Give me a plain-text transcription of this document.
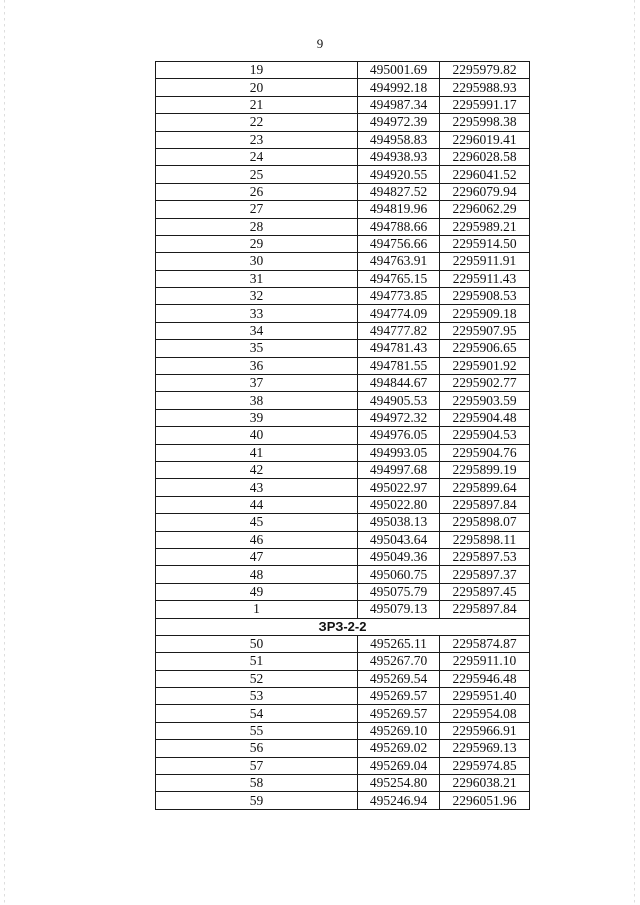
9
19	495001.69	2295979.82
20	494992.18	2295988.93
21	494987.34	2295991.17
22	494972.39	2295998.38
23	494958.83	2296019.41
24	494938.93	2296028.58
25	494920.55	2296041.52
26	494827.52	2296079.94
27	494819.96	2296062.29
28	494788.66	2295989.21
29	494756.66	2295914.50
30	494763.91	2295911.91
31	494765.15	2295911.43
32	494773.85	2295908.53
33	494774.09	2295909.18
34	494777.82	2295907.95
35	494781.43	2295906.65
36	494781.55	2295901.92
37	494844.67	2295902.77
38	494905.53	2295903.59
39	494972.32	2295904.48
40	494976.05	2295904.53
41	494993.05	2295904.76
42	494997.68	2295899.19
43	495022.97	2295899.64
44	495022.80	2295897.84
45	495038.13	2295898.07
46	495043.64	2295898.11
47	495049.36	2295897.53
48	495060.75	2295897.37
49	495075.79	2295897.45
1	495079.13	2295897.84
ЗРЗ-2-2		
50	495265.11	2295874.87
51	495267.70	2295911.10
52	495269.54	2295946.48
53	495269.57	2295951.40
54	495269.57	2295954.08
55	495269.10	2295966.91
56	495269.02	2295969.13
57	495269.04	2295974.85
58	495254.80	2296038.21
59	495246.94	2296051.96
